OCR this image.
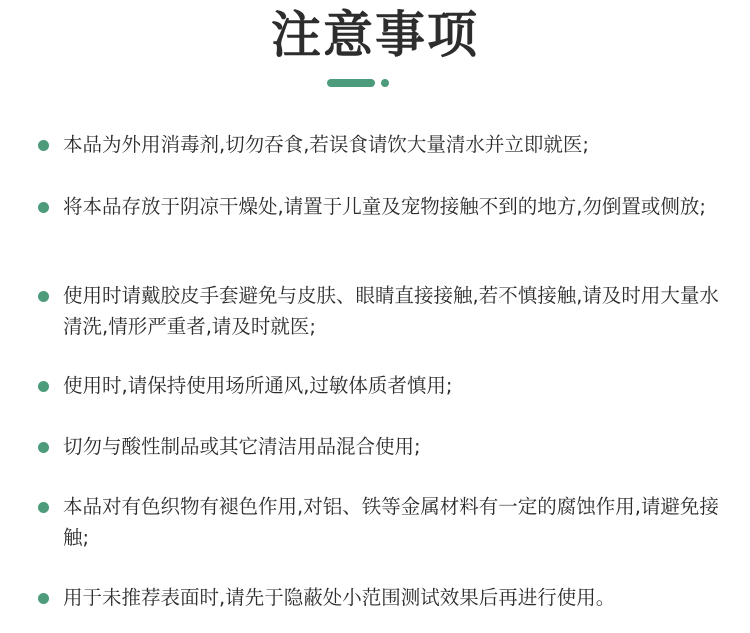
注意事项
本品为外用消毒剂,切勿吞食,若误食请饮大量清水并立即就医;
将本品存放于阴凉干燥处,请置于儿童及宠物接触不到的地方,勿倒置或侧放;
使用时请戴胶皮手套避免与皮肤、眼睛直接接触,若不慎接触,请及时用大量水清洗,情形严重者,请及时就医;
使用时,请保持使用场所通风,过敏体质者慎用;
切勿与酸性制品或其它清洁用品混合使用;
本品对有色织物有褪色作用,对铝、铁等金属材料有一定的腐蚀作用,请避免接触;
用于未推荐表面时,请先于隐蔽处小范围测试效果后再进行使用。
